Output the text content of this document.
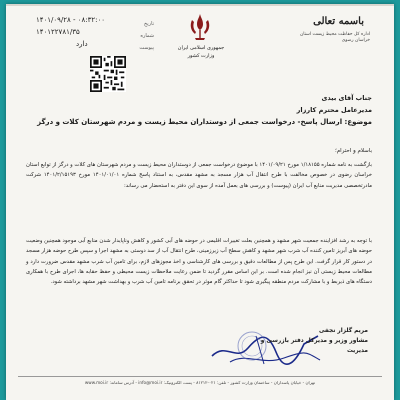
باسمه تعالی
اداره کل حفاظت محیط زیست استان خراسان رضوی
جمهوری اسلامی ایران
وزارت کشور
تاریخ
شماره
پیوست
۱۴۰۱/۰۹/۲۸ - ۰۸:۳۲:۰۰
۱۴۰۱۲۲۷۸۱/۳۵
دارد
جناب آقای بیدی
مدیرعامل محترم کارزار
موضوع: ارسال پاسخ- درخواست جمعی از دوستداران محیط زیست و مردم شهرستان کلات و درگز
باسلام و احترام؛
بازگشت به نامه شماره ۱/۱۸۱۵۵ مورخ ۱۴۰۱/۰۹/۲۱ با موضوع درخواست جمعی از دوستداران محیط زیست و مردم شهرستان های کلات و درگز از توابع استان خراسان رضوی در خصوص مخالفت با طرح انتقال آب هزار مسجد به مشهد مقدس، به استناد پاسخ شماره ۱۴۰۱/۰۱/۰۱ مورخ ۱۴۰۱/۲/۱۵۱۹۳ شرکت مادرتخصصی مدیریت منابع آب ایران (پیوست) و بررسی های بعمل آمده از سوی این دفتر به استحضار می رساند:
با توجه به رشد افزاینده جمعیت شهر مشهد و همچنین بعلت تغییرات اقلیمی در حوضه های آبی کشور و کاهش وناپایدار شدن منابع آبی موجود همچنین وضعیت حوضه های آبریز تامین کننده آب شرب شهر مشهد و کاهش سطح آب زیرزمینی، طرح انتقال آب از سد دوستی به مشهد اجرا و سپس طرح حوضه هزار مسجد در دستور کار قرار گرفت. این طرح پس از مطالعات دقیق و بررسی های کارشناسی و اخذ مجوزهای لازم، برای تامین آب شرب مشهد مقدس ضرورت دارد و مطالعات محیط زیستی آن نیز انجام شده است. بر این اساس مقرر گردید تا ضمن رعایت ملاحظات زیست محیطی و حفظ حقابه ها، اجرای طرح با همکاری دستگاه های ذیربط و با مشارکت مردم منطقه پیگیری شود تا حداکثر گام موثر در تحقق برنامه تامین آب شرب و بهداشت شهر مشهد برداشته شود.
مریم گلزار نجفی
مشاور وزیر و مدیرکل دفتر بازرسی و مدیریت
تهران - خیابان پاسداران - ساختمان وزارت کشور - تلفن: ۰۲۱-۸۱۲۱۲ - پست الکترونیک: info@moi.ir - آدرس سامانه: www.moi.ir
